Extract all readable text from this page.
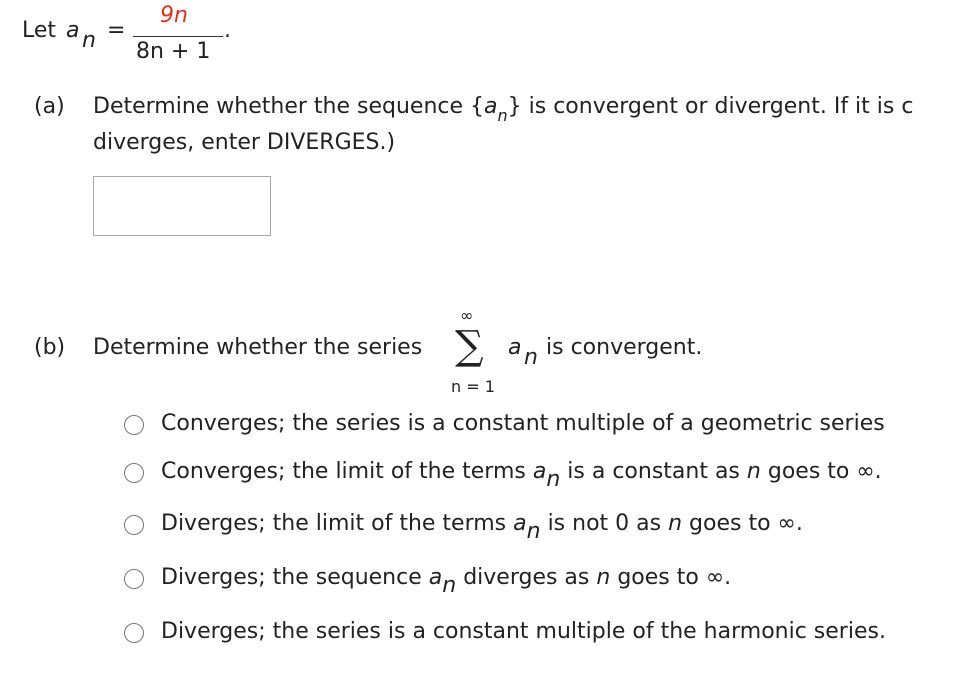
Let a n =
9n
8n + 1
.
(a) Determine whether the sequence $\{a_n\}$ is convergent or divergent. If it is c
diverges, enter DIVERGES.)
(b) Determine whether the series
∞
∑
n = 1
a n is convergent.
Converges; the series is a constant multiple of a geometric series
Converges; the limit of the terms an is a constant as n goes to ∞.
Diverges; the limit of the terms an is not 0 as n goes to ∞.
Diverges; the sequence an diverges as n goes to ∞.
Diverges; the series is a constant multiple of the harmonic series.
